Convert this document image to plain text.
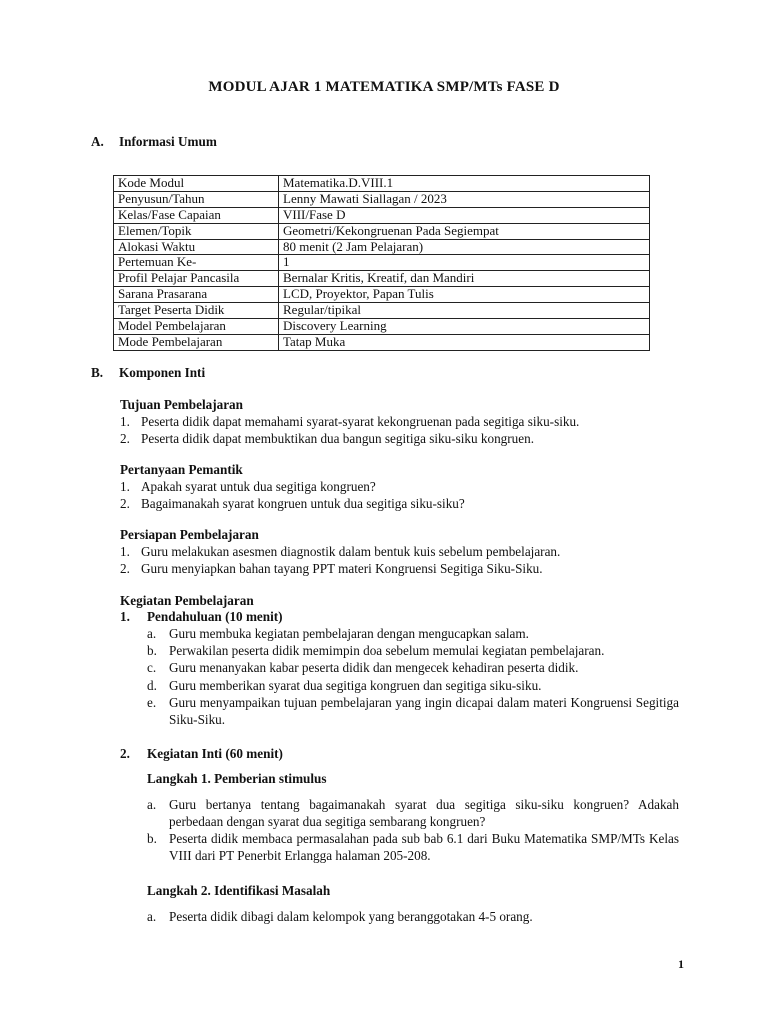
MODUL AJAR 1 MATEMATIKA SMP/MTs FASE D
A. Informasi Umum
Kode Modul	Matematika.D.VIII.1
Penyusun/Tahun	Lenny Mawati Siallagan / 2023
Kelas/Fase Capaian	VIII/Fase D
Elemen/Topik	Geometri/Kekongruenan Pada Segiempat
Alokasi Waktu	80 menit (2 Jam Pelajaran)
Pertemuan Ke-	1
Profil Pelajar Pancasila	Bernalar Kritis, Kreatif, dan Mandiri
Sarana Prasarana	LCD, Proyektor, Papan Tulis
Target Peserta Didik	Regular/tipikal
Model Pembelajaran	Discovery Learning
Mode Pembelajaran	Tatap Muka
B. Komponen Inti
Tujuan Pembelajaran
1. Peserta didik dapat memahami syarat-syarat kekongruenan pada segitiga siku-siku.
2. Peserta didik dapat membuktikan dua bangun segitiga siku-siku kongruen.
Pertanyaan Pemantik
1. Apakah syarat untuk dua segitiga kongruen?
2. Bagaimanakah syarat kongruen untuk dua segitiga siku-siku?
Persiapan Pembelajaran
1. Guru melakukan asesmen diagnostik dalam bentuk kuis sebelum pembelajaran.
2. Guru menyiapkan bahan tayang PPT materi Kongruensi Segitiga Siku-Siku.
Kegiatan Pembelajaran
1. Pendahuluan (10 menit)
a. Guru membuka kegiatan pembelajaran dengan mengucapkan salam.
b. Perwakilan peserta didik memimpin doa sebelum memulai kegiatan pembelajaran.
c. Guru menanyakan kabar peserta didik dan mengecek kehadiran peserta didik.
d. Guru memberikan syarat dua segitiga kongruen dan segitiga siku-siku.
e. Guru menyampaikan tujuan pembelajaran yang ingin dicapai dalam materi Kongruensi Segitiga Siku-Siku.
2. Kegiatan Inti (60 menit)
Langkah 1. Pemberian stimulus
a. Guru bertanya tentang bagaimanakah syarat dua segitiga siku-siku kongruen? Adakah perbedaan dengan syarat dua segitiga sembarang kongruen?
b. Peserta didik membaca permasalahan pada sub bab 6.1 dari Buku Matematika SMP/MTs Kelas VIII dari PT Penerbit Erlangga halaman 205-208.
Langkah 2. Identifikasi Masalah
a. Peserta didik dibagi dalam kelompok yang beranggotakan 4-5 orang.
1
